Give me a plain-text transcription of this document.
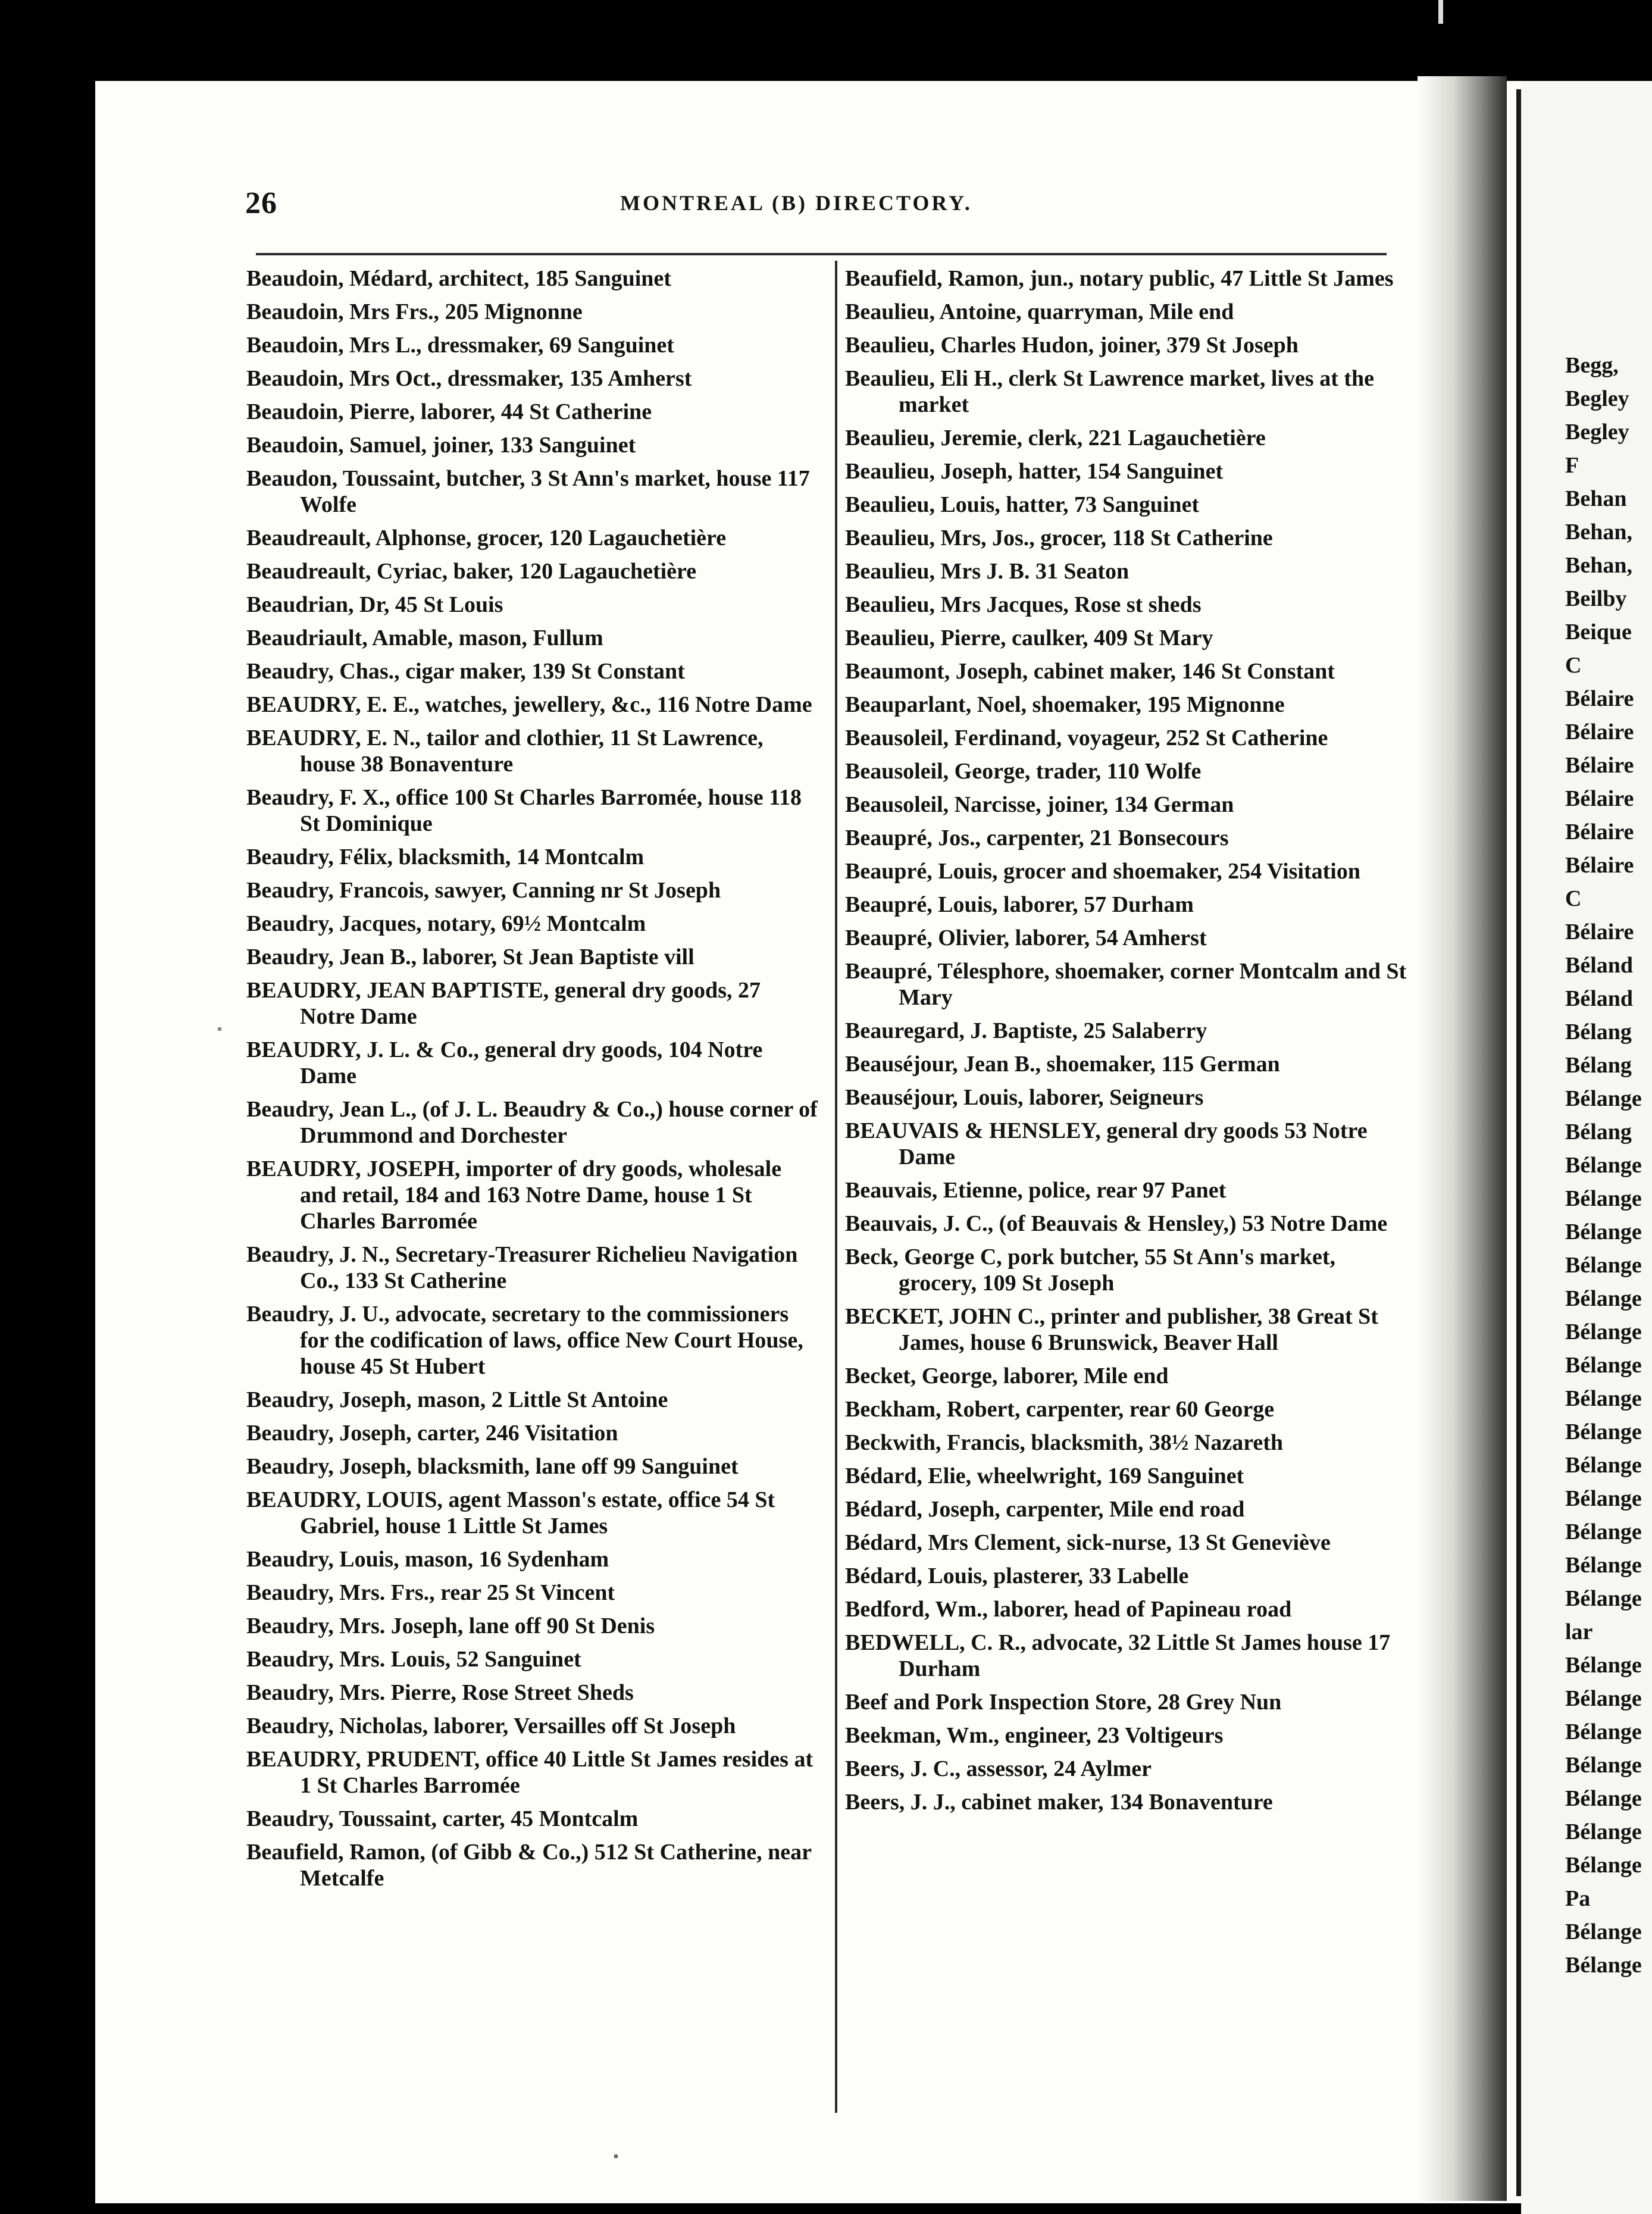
Begg,
Begley
Begley
F
Behan
Behan,
Behan,
Beilby
Beique
C
Bélaire
Bélaire
Bélaire
Bélaire
Bélaire
Bélaire
C
Bélaire
Béland
Béland
Bélang
Bélang
Bélange
Bélang
Bélange
Bélange
Bélange
Bélange
Bélange
Bélange
Bélange
Bélange
Bélange
Bélange
Bélange
Bélange
Bélange
Bélange
lar
Bélange
Bélange
Bélange
Bélange
Bélange
Bélange
Bélange
Pa
Bélange
Bélange
26	MONTREAL (B) DIRECTORY.
Beaudoin, Médard, architect, 185 Sanguinet
Beaudoin, Mrs Frs., 205 Mignonne
Beaudoin, Mrs L., dressmaker, 69 Sanguinet
Beaudoin, Mrs Oct., dressmaker, 135 Amherst
Beaudoin, Pierre, laborer, 44 St Catherine
Beaudoin, Samuel, joiner, 133 Sanguinet
Beaudon, Toussaint, butcher, 3 St Ann's market, house 117 Wolfe
Beaudreault, Alphonse, grocer, 120 Lagauchetière
Beaudreault, Cyriac, baker, 120 Lagauchetière
Beaudrian, Dr, 45 St Louis
Beaudriault, Amable, mason, Fullum
Beaudry, Chas., cigar maker, 139 St Constant
BEAUDRY, E. E., watches, jewellery, &c., 116 Notre Dame
BEAUDRY, E. N., tailor and clothier, 11 St Lawrence, house 38 Bonaventure
Beaudry, F. X., office 100 St Charles Barromée, house 118 St Dominique
Beaudry, Félix, blacksmith, 14 Montcalm
Beaudry, Francois, sawyer, Canning nr St Joseph
Beaudry, Jacques, notary, 69½ Montcalm
Beaudry, Jean B., laborer, St Jean Baptiste vill
BEAUDRY, JEAN BAPTISTE, general dry goods, 27 Notre Dame
BEAUDRY, J. L. & Co., general dry goods, 104 Notre Dame
Beaudry, Jean L., (of J. L. Beaudry & Co.,) house corner of Drummond and Dorchester
BEAUDRY, JOSEPH, importer of dry goods, wholesale and retail, 184 and 163 Notre Dame, house 1 St Charles Barromée
Beaudry, J. N., Secretary-Treasurer Richelieu Navigation Co., 133 St Catherine
Beaudry, J. U., advocate, secretary to the commissioners for the codification of laws, office New Court House, house 45 St Hubert
Beaudry, Joseph, mason, 2 Little St Antoine
Beaudry, Joseph, carter, 246 Visitation
Beaudry, Joseph, blacksmith, lane off 99 Sanguinet
BEAUDRY, LOUIS, agent Masson's estate, office 54 St Gabriel, house 1 Little St James
Beaudry, Louis, mason, 16 Sydenham
Beaudry, Mrs. Frs., rear 25 St Vincent
Beaudry, Mrs. Joseph, lane off 90 St Denis
Beaudry, Mrs. Louis, 52 Sanguinet
Beaudry, Mrs. Pierre, Rose Street Sheds
Beaudry, Nicholas, laborer, Versailles off St Joseph
BEAUDRY, PRUDENT, office 40 Little St James resides at 1 St Charles Barromée
Beaudry, Toussaint, carter, 45 Montcalm
Beaufield, Ramon, (of Gibb & Co.,) 512 St Catherine, near Metcalfe
Beaufield, Ramon, jun., notary public, 47 Little St James
Beaulieu, Antoine, quarryman, Mile end
Beaulieu, Charles Hudon, joiner, 379 St Joseph
Beaulieu, Eli H., clerk St Lawrence market, lives at the market
Beaulieu, Jeremie, clerk, 221 Lagauchetière
Beaulieu, Joseph, hatter, 154 Sanguinet
Beaulieu, Louis, hatter, 73 Sanguinet
Beaulieu, Mrs, Jos., grocer, 118 St Catherine
Beaulieu, Mrs J. B. 31 Seaton
Beaulieu, Mrs Jacques, Rose st sheds
Beaulieu, Pierre, caulker, 409 St Mary
Beaumont, Joseph, cabinet maker, 146 St Constant
Beauparlant, Noel, shoemaker, 195 Mignonne
Beausoleil, Ferdinand, voyageur, 252 St Catherine
Beausoleil, George, trader, 110 Wolfe
Beausoleil, Narcisse, joiner, 134 German
Beaupré, Jos., carpenter, 21 Bonsecours
Beaupré, Louis, grocer and shoemaker, 254 Visitation
Beaupré, Louis, laborer, 57 Durham
Beaupré, Olivier, laborer, 54 Amherst
Beaupré, Télesphore, shoemaker, corner Montcalm and St Mary
Beauregard, J. Baptiste, 25 Salaberry
Beauséjour, Jean B., shoemaker, 115 German
Beauséjour, Louis, laborer, Seigneurs
BEAUVAIS & HENSLEY, general dry goods 53 Notre Dame
Beauvais, Etienne, police, rear 97 Panet
Beauvais, J. C., (of Beauvais & Hensley,) 53 Notre Dame
Beck, George C, pork butcher, 55 St Ann's market, grocery, 109 St Joseph
BECKET, JOHN C., printer and publisher, 38 Great St James, house 6 Brunswick, Beaver Hall
Becket, George, laborer, Mile end
Beckham, Robert, carpenter, rear 60 George
Beckwith, Francis, blacksmith, 38½ Nazareth
Bédard, Elie, wheelwright, 169 Sanguinet
Bédard, Joseph, carpenter, Mile end road
Bédard, Mrs Clement, sick-nurse, 13 St Geneviève
Bédard, Louis, plasterer, 33 Labelle
Bedford, Wm., laborer, head of Papineau road
BEDWELL, C. R., advocate, 32 Little St James house 17 Durham
Beef and Pork Inspection Store, 28 Grey Nun
Beekman, Wm., engineer, 23 Voltigeurs
Beers, J. C., assessor, 24 Aylmer
Beers, J. J., cabinet maker, 134 Bonaventure
